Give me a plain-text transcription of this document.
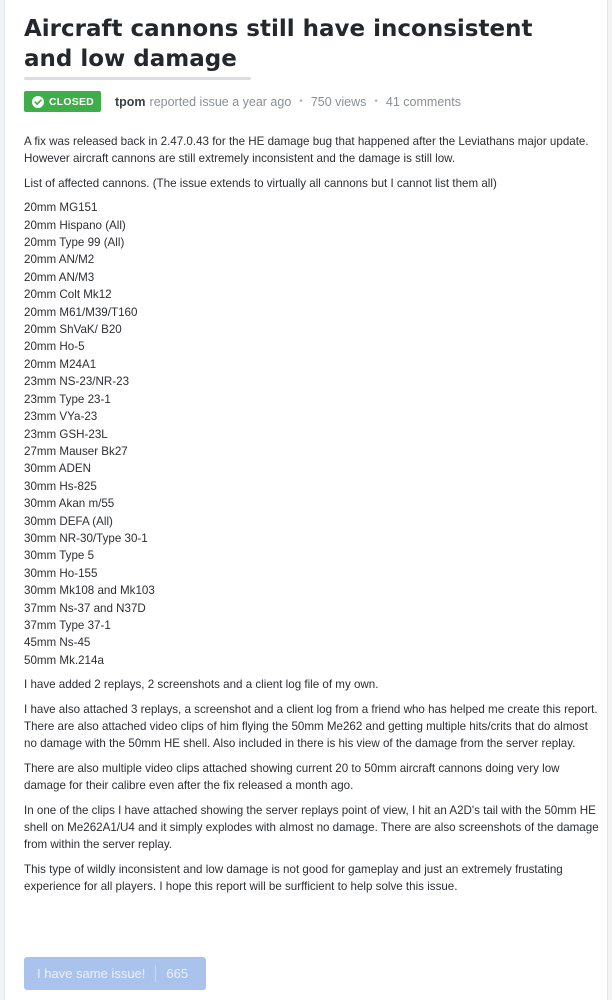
Aircraft cannons still have inconsistent and low damage
CLOSED tpom reported issue a year ago • 750 views • 41 comments

A fix was released back in 2.47.0.43 for the HE damage bug that happened after the Leviathans major update.
However aircraft cannons are still extremely inconsistent and the damage is still low.

List of affected cannons. (The issue extends to virtually all cannons but I cannot list them all)

20mm MG151
20mm Hispano (All)
20mm Type 99 (All)
20mm AN/M2
20mm AN/M3
20mm Colt Mk12
20mm M61/M39/T160
20mm ShVaK/ B20
20mm Ho-5
20mm M24A1
23mm NS-23/NR-23
23mm Type 23-1
23mm VYa-23
23mm GSH-23L
27mm Mauser Bk27
30mm ADEN
30mm Hs-825
30mm Akan m/55
30mm DEFA (All)
30mm NR-30/Type 30-1
30mm Type 5
30mm Ho-155
30mm Mk108 and Mk103
37mm Ns-37 and N37D
37mm Type 37-1
45mm Ns-45
50mm Mk.214a

I have added 2 replays, 2 screenshots and a client log file of my own.

I have also attached 3 replays, a screenshot and a client log from a friend who has helped me create this report. There are also attached video clips of him flying the 50mm Me262 and getting multiple hits/crits that do almost no damage with the 50mm HE shell. Also included in there is his view of the damage from the server replay.

There are also multiple video clips attached showing current 20 to 50mm aircraft cannons doing very low damage for their calibre even after the fix released a month ago.

In one of the clips I have attached showing the server replays point of view, I hit an A2D's tail with the 50mm HE shell on Me262A1/U4 and it simply explodes with almost no damage. There are also screenshots of the damage from within the server replay.

This type of wildly inconsistent and low damage is not good for gameplay and just an extremely frustating experience for all players. I hope this report will be surfficient to help solve this issue.

I have same issue! 665
